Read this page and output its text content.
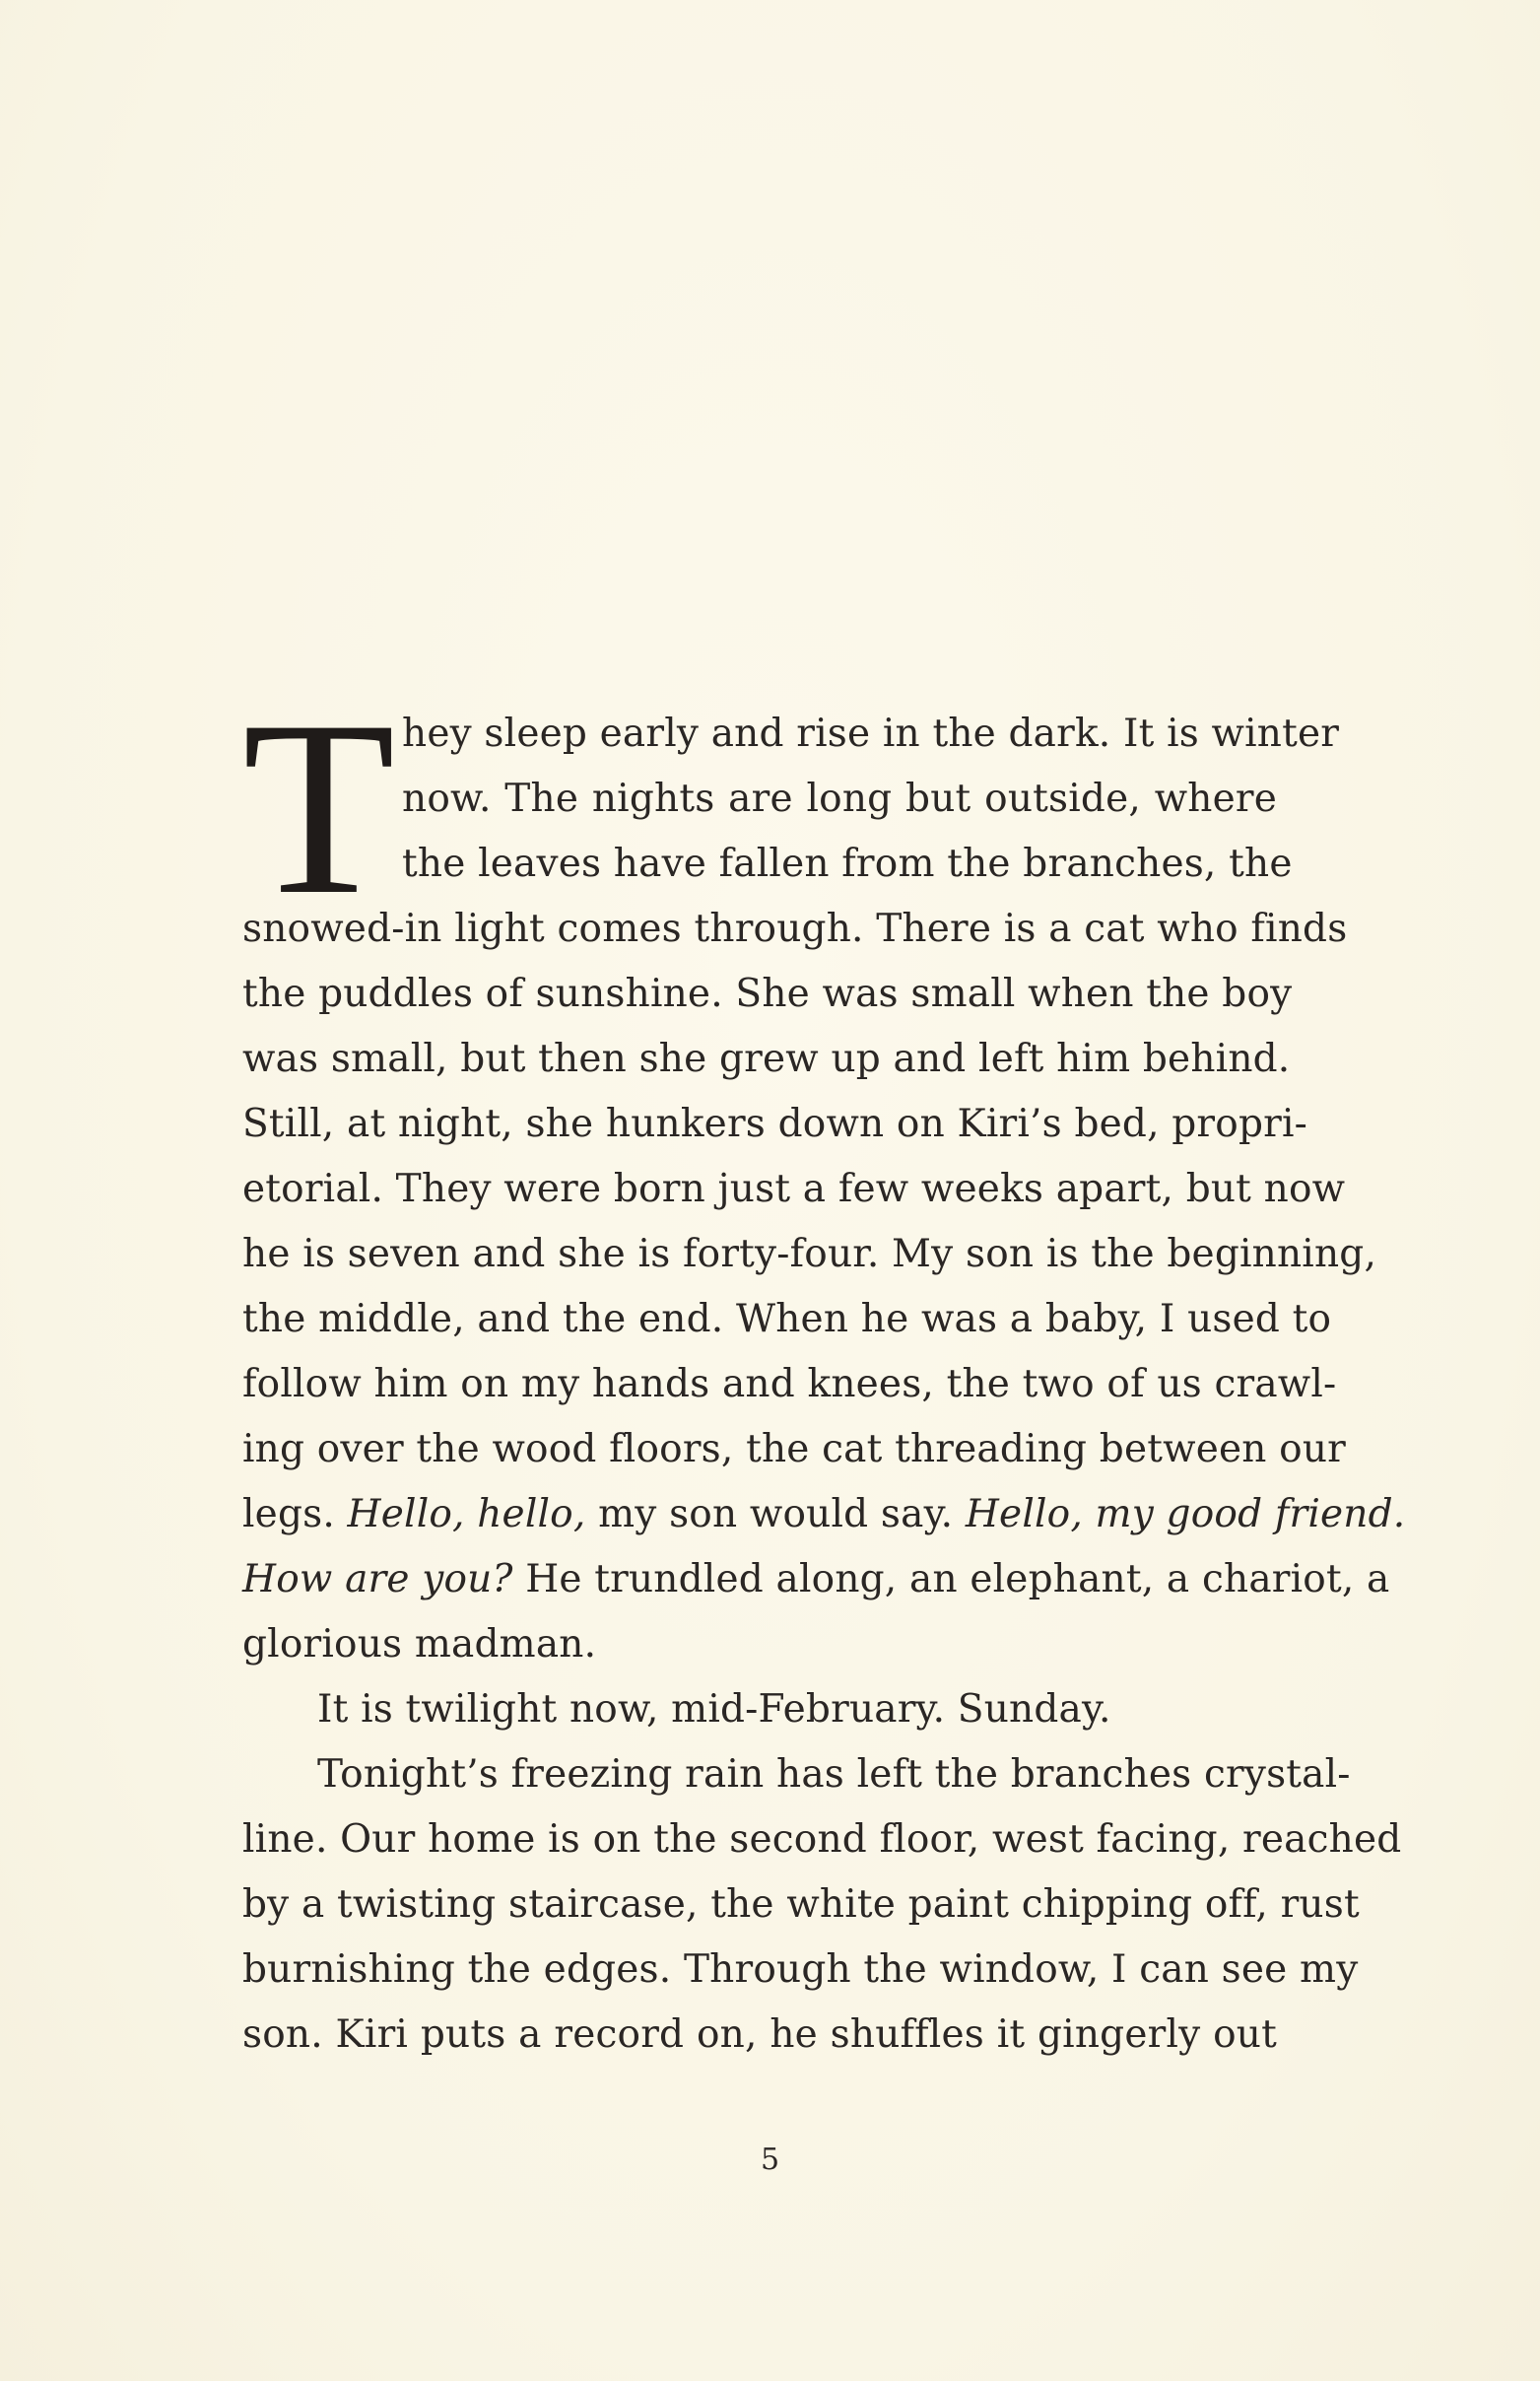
T hey sleep early and rise in the dark. It is winter
now. The nights are long but outside, where
the leaves have fallen from the branches, the
snowed-in light comes through. There is a cat who finds
the puddles of sunshine. She was small when the boy
was small, but then she grew up and left him behind.
Still, at night, she hunkers down on Kiri’s bed, propri-
etorial. They were born just a few weeks apart, but now
he is seven and she is forty-four. My son is the beginning,
the middle, and the end. When he was a baby, I used to
follow him on my hands and knees, the two of us crawl-
ing over the wood floors, the cat threading between our
legs. Hello, hello, my son would say. Hello, my good friend.
How are you? He trundled along, an elephant, a chariot, a
glorious madman.
It is twilight now, mid-February. Sunday.
Tonight’s freezing rain has left the branches crystal-
line. Our home is on the second floor, west facing, reached
by a twisting staircase, the white paint chipping off, rust
burnishing the edges. Through the window, I can see my
son. Kiri puts a record on, he shuffles it gingerly out
5
